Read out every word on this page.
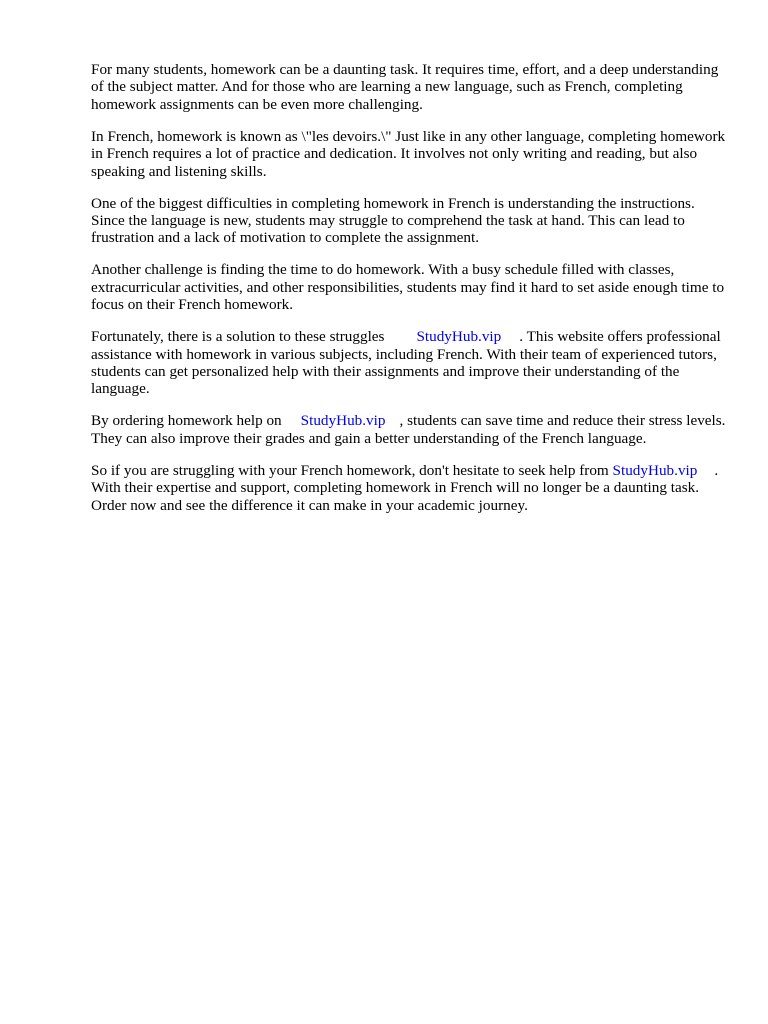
For many students, homework can be a daunting task. It requires time, effort, and a deep understanding of the subject matter. And for those who are learning a new language, such as French, completing homework assignments can be even more challenging.

In French, homework is known as \"les devoirs.\" Just like in any other language, completing homework in French requires a lot of practice and dedication. It involves not only writing and reading, but also speaking and listening skills.

One of the biggest difficulties in completing homework in French is understanding the instructions. Since the language is new, students may struggle to comprehend the task at hand. This can lead to frustration and a lack of motivation to complete the assignment.

Another challenge is finding the time to do homework. With a busy schedule filled with classes, extracurricular activities, and other responsibilities, students may find it hard to set aside enough time to focus on their French homework.

Fortunately, there is a solution to these struggles StudyHub.vip . This website offers professional assistance with homework in various subjects, including French. With their team of experienced tutors, students can get personalized help with their assignments and improve their understanding of the language.

By ordering homework help on StudyHub.vip , students can save time and reduce their stress levels. They can also improve their grades and gain a better understanding of the French language.

So if you are struggling with your French homework, don't hesitate to seek help from StudyHub.vip . With their expertise and support, completing homework in French will no longer be a daunting task. Order now and see the difference it can make in your academic journey.
